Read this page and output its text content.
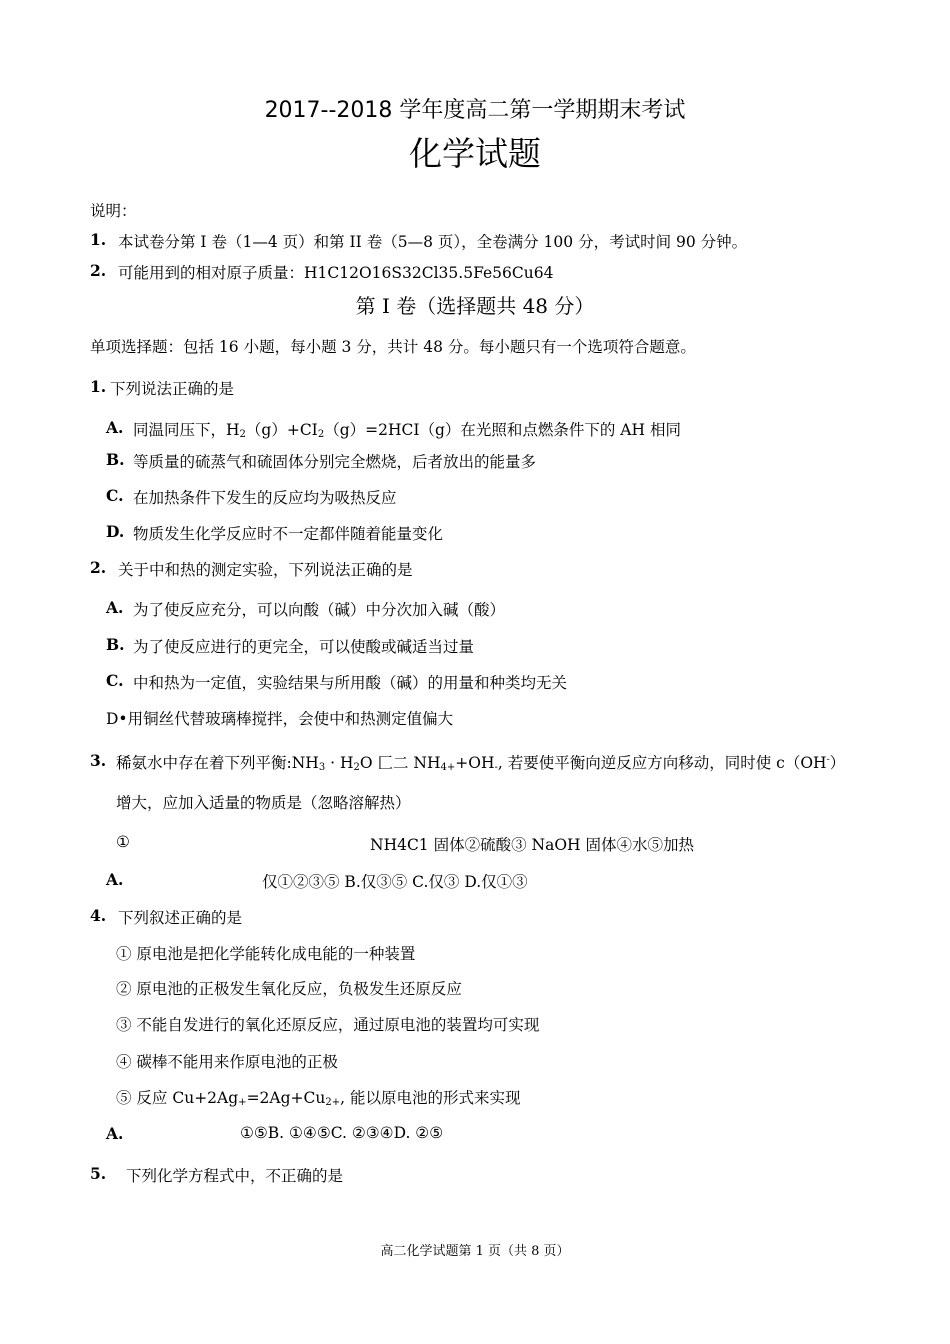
2017--2018 学年度高二第一学期期末考试
化学试题
说明：
1. 本试卷分第 I 卷（1—4 页）和第 II 卷（5—8 页），全卷满分 100 分，考试时间 90 分钟。
2. 可能用到的相对原子质量：H1C12O16S32Cl35.5Fe56Cu64
第 I 卷（选择题共 48 分）
单项选择题：包括 16 小题，每小题 3 分，共计 48 分。每小题只有一个选项符合题意。
1. 下列说法正确的是
A. 同温同压下，$H_2(g)+CI_2(g)=2HCI(g)$在光照和点燃条件下的 AH 相同
B. 等质量的硫蒸气和硫固体分别完全燃烧，后者放出的能量多
C. 在加热条件下发生的反应均为吸热反应
D. 物质发生化学反应时不一定都伴随着能量变化
2. 关于中和热的测定实验，下列说法正确的是
A. 为了使反应充分，可以向酸（碱）中分次加入碱（酸）
B. 为了使反应进行的更完全，可以使酸或碱适当过量
C. 中和热为一定值，实验结果与所用酸（碱）的用量和种类均无关
D•用铜丝代替玻璃棒搅拌，会使中和热测定值偏大
3. 稀氨水中存在着下列平衡$:NH_3 \cdot H_2O$ 匚二 $NH_{4+}+OH_-$, 若要使平衡向逆反应方向移动，同时使 c（OH-）
增大，应加入适量的物质是（忽略溶解热）
①	NH4C1 固体②硫酸③ NaOH 固体④水⑤加热
A.	仅①②③⑤ B.仅③⑤ C.仅③ D.仅①③
4. 下列叙述正确的是
① 原电池是把化学能转化成电能的一种装置
② 原电池的正极发生氧化反应，负极发生还原反应
③ 不能自发进行的氧化还原反应，通过原电池的装置均可实现
④ 碳棒不能用来作原电池的正极
⑤ 反应 $Cu+2Ag_+=2Ag+Cu_{2+}$, 能以原电池的形式来实现
A.	①⑤B. ①④⑤C. ②③④D. ②⑤
5. 下列化学方程式中，不正确的是
高二化学试题第 1 页（共 8 页）
